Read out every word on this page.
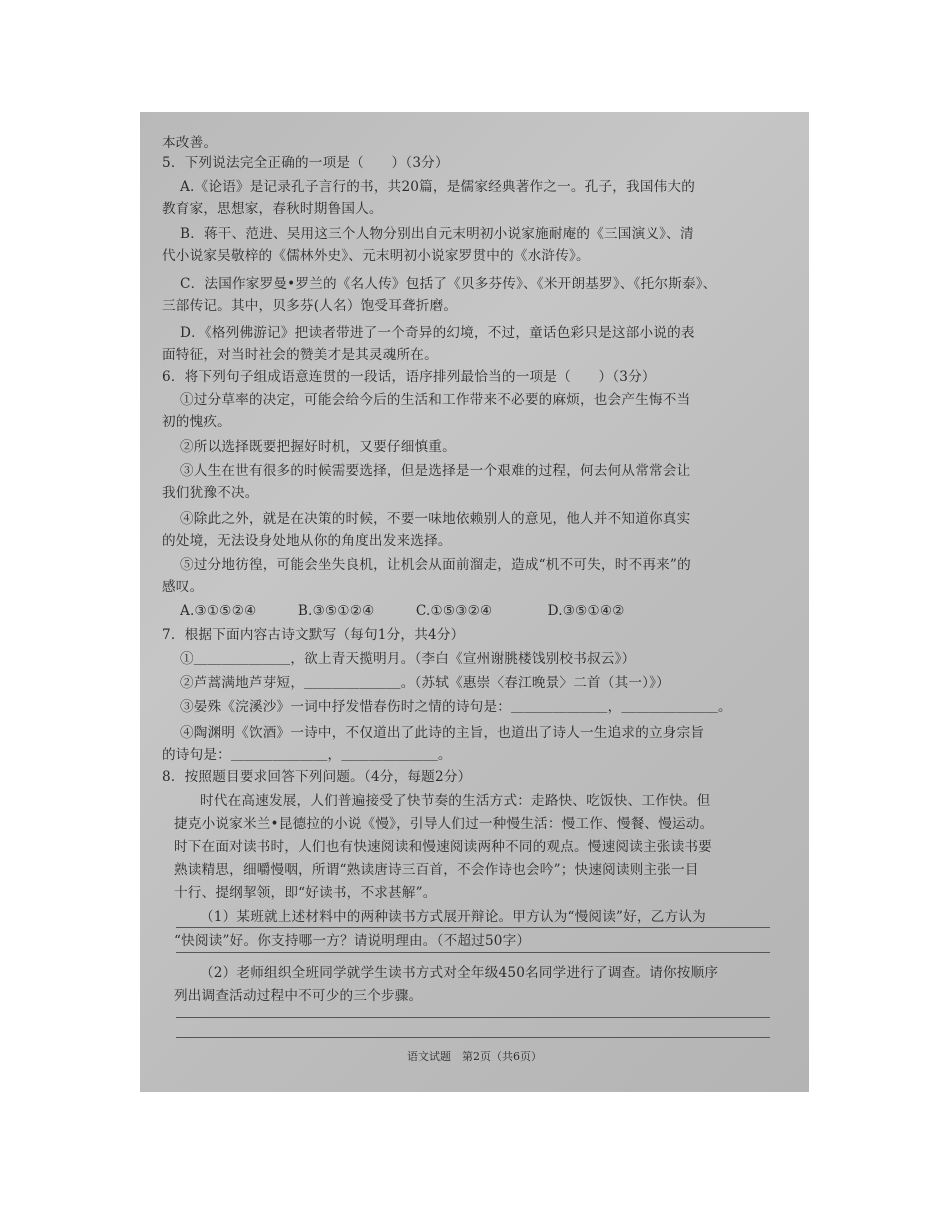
本改善。
5．下列说法完全正确的一项是（　　）（3分）
A.《论语》是记录孔子言行的书，共20篇，是儒家经典著作之一。孔子，我国伟大的
教育家，思想家，春秋时期鲁国人。
B．蒋干、范进、吴用这三个人物分别出自元末明初小说家施耐庵的《三国演义》、清
代小说家吴敬梓的《儒林外史》、元末明初小说家罗贯中的《水浒传》。
C．法国作家罗曼•罗兰的《名人传》包括了《贝多芬传》、《米开朗基罗》、《托尔斯泰》、
三部传记。其中，贝多芬(人名）饱受耳聋折磨。
D．《格列佛游记》把读者带进了一个奇异的幻境，不过，童话色彩只是这部小说的表
面特征，对当时社会的赞美才是其灵魂所在。
6．将下列句子组成语意连贯的一段话，语序排列最恰当的一项是（　　）（3分）
①过分草率的决定，可能会给今后的生活和工作带来不必要的麻烦，也会产生悔不当
初的愧疚。
②所以选择既要把握好时机，又要仔细慎重。
③人生在世有很多的时候需要选择，但是选择是一个艰难的过程，何去何从常常会让
我们犹豫不决。
④除此之外，就是在决策的时候，不要一味地依赖别人的意见，他人并不知道你真实
的处境，无法设身处地从你的角度出发来选择。
⑤过分地彷徨，可能会坐失良机，让机会从面前溜走，造成“机不可失，时不再来”的
感叹。
A.③①⑤②④　　　B.③⑤①②④　　　C.①⑤③②④　　　　D.③⑤①④②
7．根据下面内容古诗文默写（每句1分，共4分）
①＿＿＿＿＿＿＿，欲上青天揽明月。（李白《宣州谢朓楼饯别校书叔云》）
②芦蒿满地芦芽短，＿＿＿＿＿＿＿。（苏轼《惠崇〈春江晚景〉二首（其一）》）
③晏殊《浣溪沙》一词中抒发惜春伤时之情的诗句是：＿＿＿＿＿＿＿，＿＿＿＿＿＿＿。
④陶渊明《饮酒》一诗中，不仅道出了此诗的主旨，也道出了诗人一生追求的立身宗旨
的诗句是：＿＿＿＿＿＿＿，＿＿＿＿＿＿＿。
8．按照题目要求回答下列问题。（4分，每题2分）
时代在高速发展，人们普遍接受了快节奏的生活方式：走路快、吃饭快、工作快。但
捷克小说家米兰•昆德拉的小说《慢》，引导人们过一种慢生活：慢工作、慢餐、慢运动。
时下在面对读书时，人们也有快速阅读和慢速阅读两种不同的观点。慢速阅读主张读书要
熟读精思，细嚼慢咽，所谓“熟读唐诗三百首，不会作诗也会吟”；快速阅读则主张一目
十行、提纲挈领，即“好读书，不求甚解”。
（1）某班就上述材料中的两种读书方式展开辩论。甲方认为“慢阅读”好，乙方认为
“快阅读”好。你支持哪一方？请说明理由。（不超过50字）
（2）老师组织全班同学就学生读书方式对全年级450名同学进行了调查。请你按顺序
列出调查活动过程中不可少的三个步骤。
语文试题　第2页（共6页）
